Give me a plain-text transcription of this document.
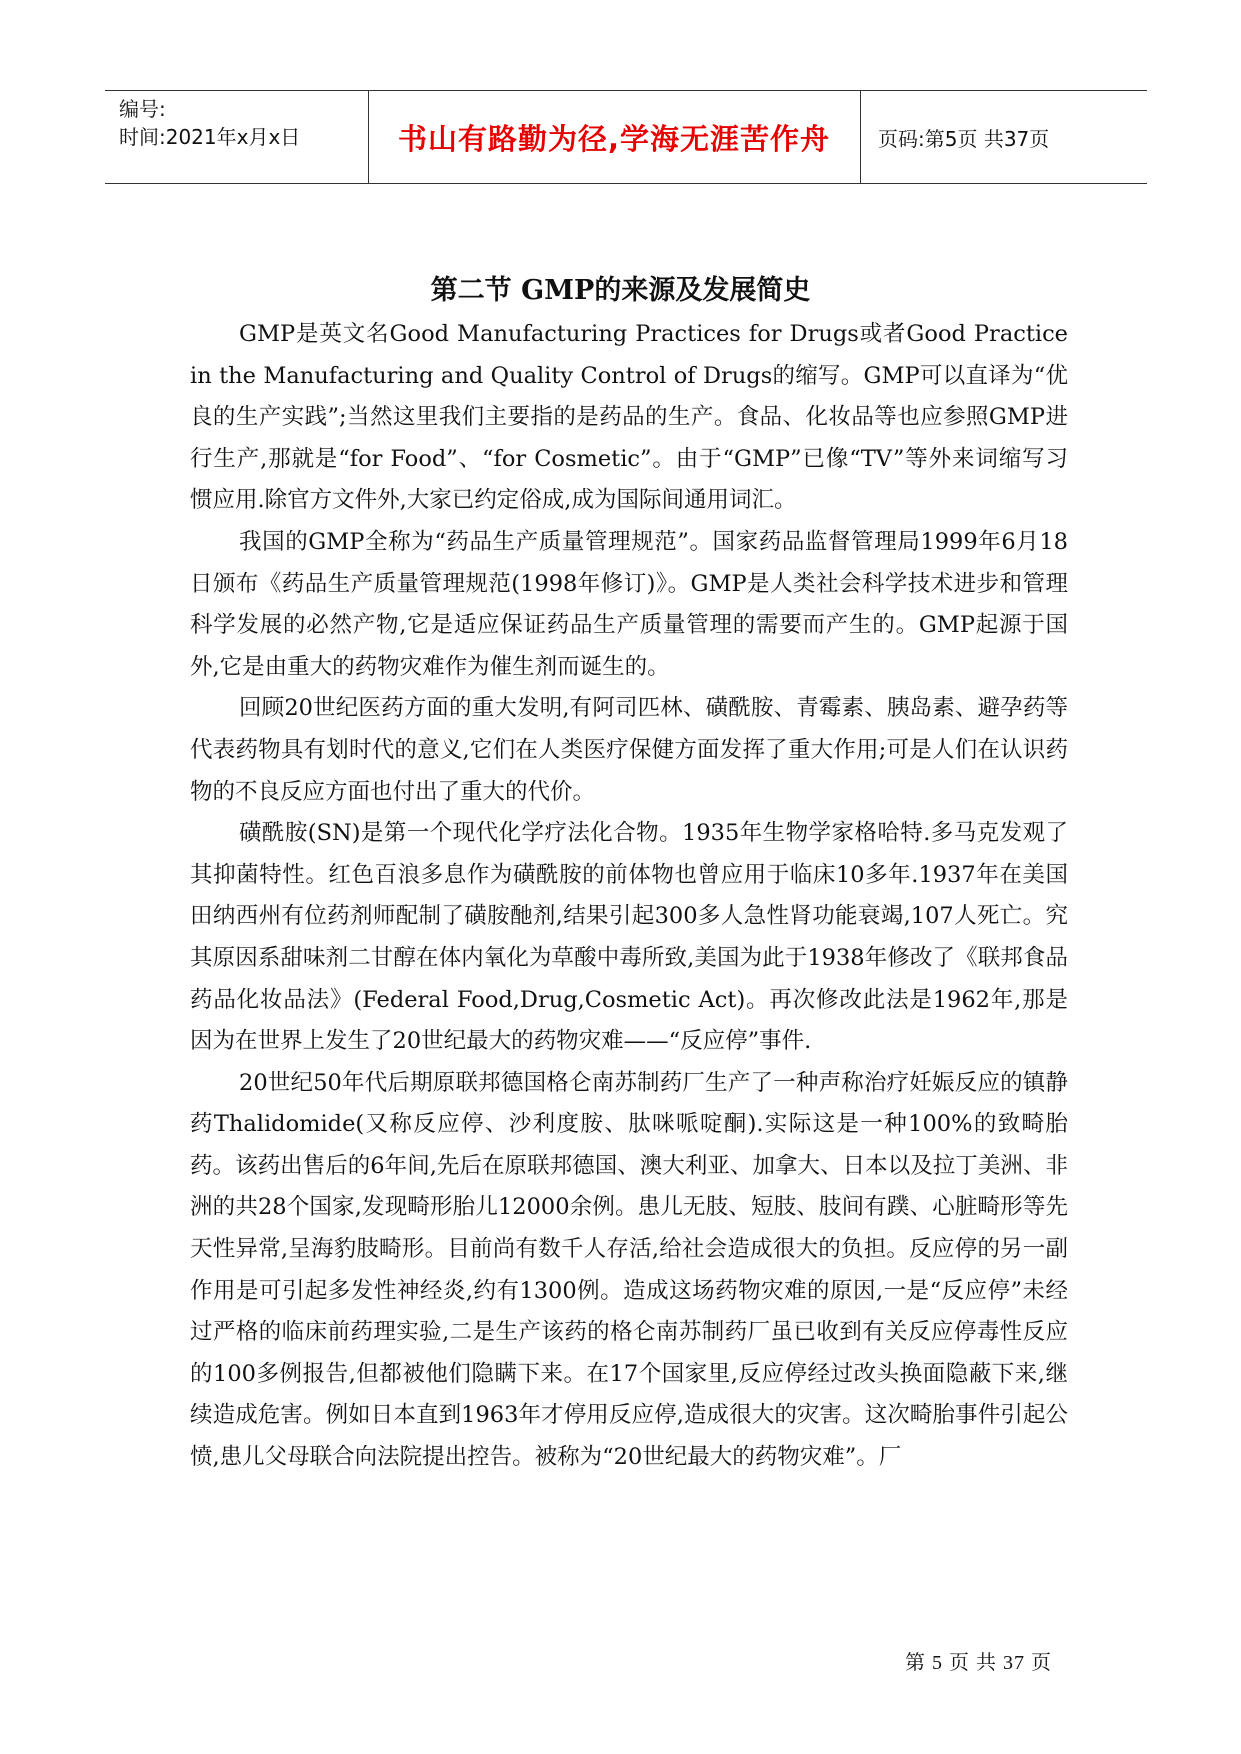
编号:
时间:2021年x月x日	书山有路勤为径,学海无涯苦作舟	页码:第5页 共37页
第二节 GMP的来源及发展简史

GMP是英文名Good Manufacturing Practices for Drugs或者Good Practice in the Manufacturing and Quality Control of Drugs的缩写。GMP可以直译为“优良的生产实践”;当然这里我们主要指的是药品的生产。食品、化妆品等也应参照GMP进行生产,那就是“for Food”、“for Cosmetic”。由于“GMP”已像“TV”等外来词缩写习惯应用.除官方文件外,大家已约定俗成,成为国际间通用词汇。

我国的GMP全称为“药品生产质量管理规范”。国家药品监督管理局1999年6月18日颁布《药品生产质量管理规范(1998年修订)》。GMP是人类社会科学技术进步和管理科学发展的必然产物,它是适应保证药品生产质量管理的需要而产生的。GMP起源于国外,它是由重大的药物灾难作为催生剂而诞生的。

回顾20世纪医药方面的重大发明,有阿司匹林、磺酰胺、青霉素、胰岛素、避孕药等代表药物具有划时代的意义,它们在人类医疗保健方面发挥了重大作用;可是人们在认识药物的不良反应方面也付出了重大的代价。

磺酰胺(SN)是第一个现代化学疗法化合物。1935年生物学家格哈特.多马克发观了其抑菌特性。红色百浪多息作为磺酰胺的前体物也曾应用于临床10多年.1937年在美国田纳西州有位药剂师配制了磺胺酏剂,结果引起300多人急性肾功能衰竭,107人死亡。究其原因系甜味剂二甘醇在体内氧化为草酸中毒所致,美国为此于1938年修改了《联邦食品药品化妆品法》(Federal Food,Drug,Cosmetic Act)。再次修改此法是1962年,那是因为在世界上发生了20世纪最大的药物灾难——“反应停”事件.

20世纪50年代后期原联邦德国格仑南苏制药厂生产了一种声称治疗妊娠反应的镇静药Thalidomide(又称反应停、沙利度胺、肽咪哌啶酮).实际这是一种100%的致畸胎药。该药出售后的6年间,先后在原联邦德国、澳大利亚、加拿大、日本以及拉丁美洲、非洲的共28个国家,发现畸形胎儿12000余例。患儿无肢、短肢、肢间有蹼、心脏畸形等先天性异常,呈海豹肢畸形。目前尚有数千人存活,给社会造成很大的负担。反应停的另一副作用是可引起多发性神经炎,约有1300例。造成这场药物灾难的原因,一是“反应停”未经过严格的临床前药理实验,二是生产该药的格仑南苏制药厂虽已收到有关反应停毒性反应的100多例报告,但都被他们隐瞒下来。在17个国家里,反应停经过改头换面隐蔽下来,继续造成危害。例如日本直到1963年才停用反应停,造成很大的灾害。这次畸胎事件引起公愤,患儿父母联合向法院提出控告。被称为“20世纪最大的药物灾难”。厂

第 5 页 共 37 页
